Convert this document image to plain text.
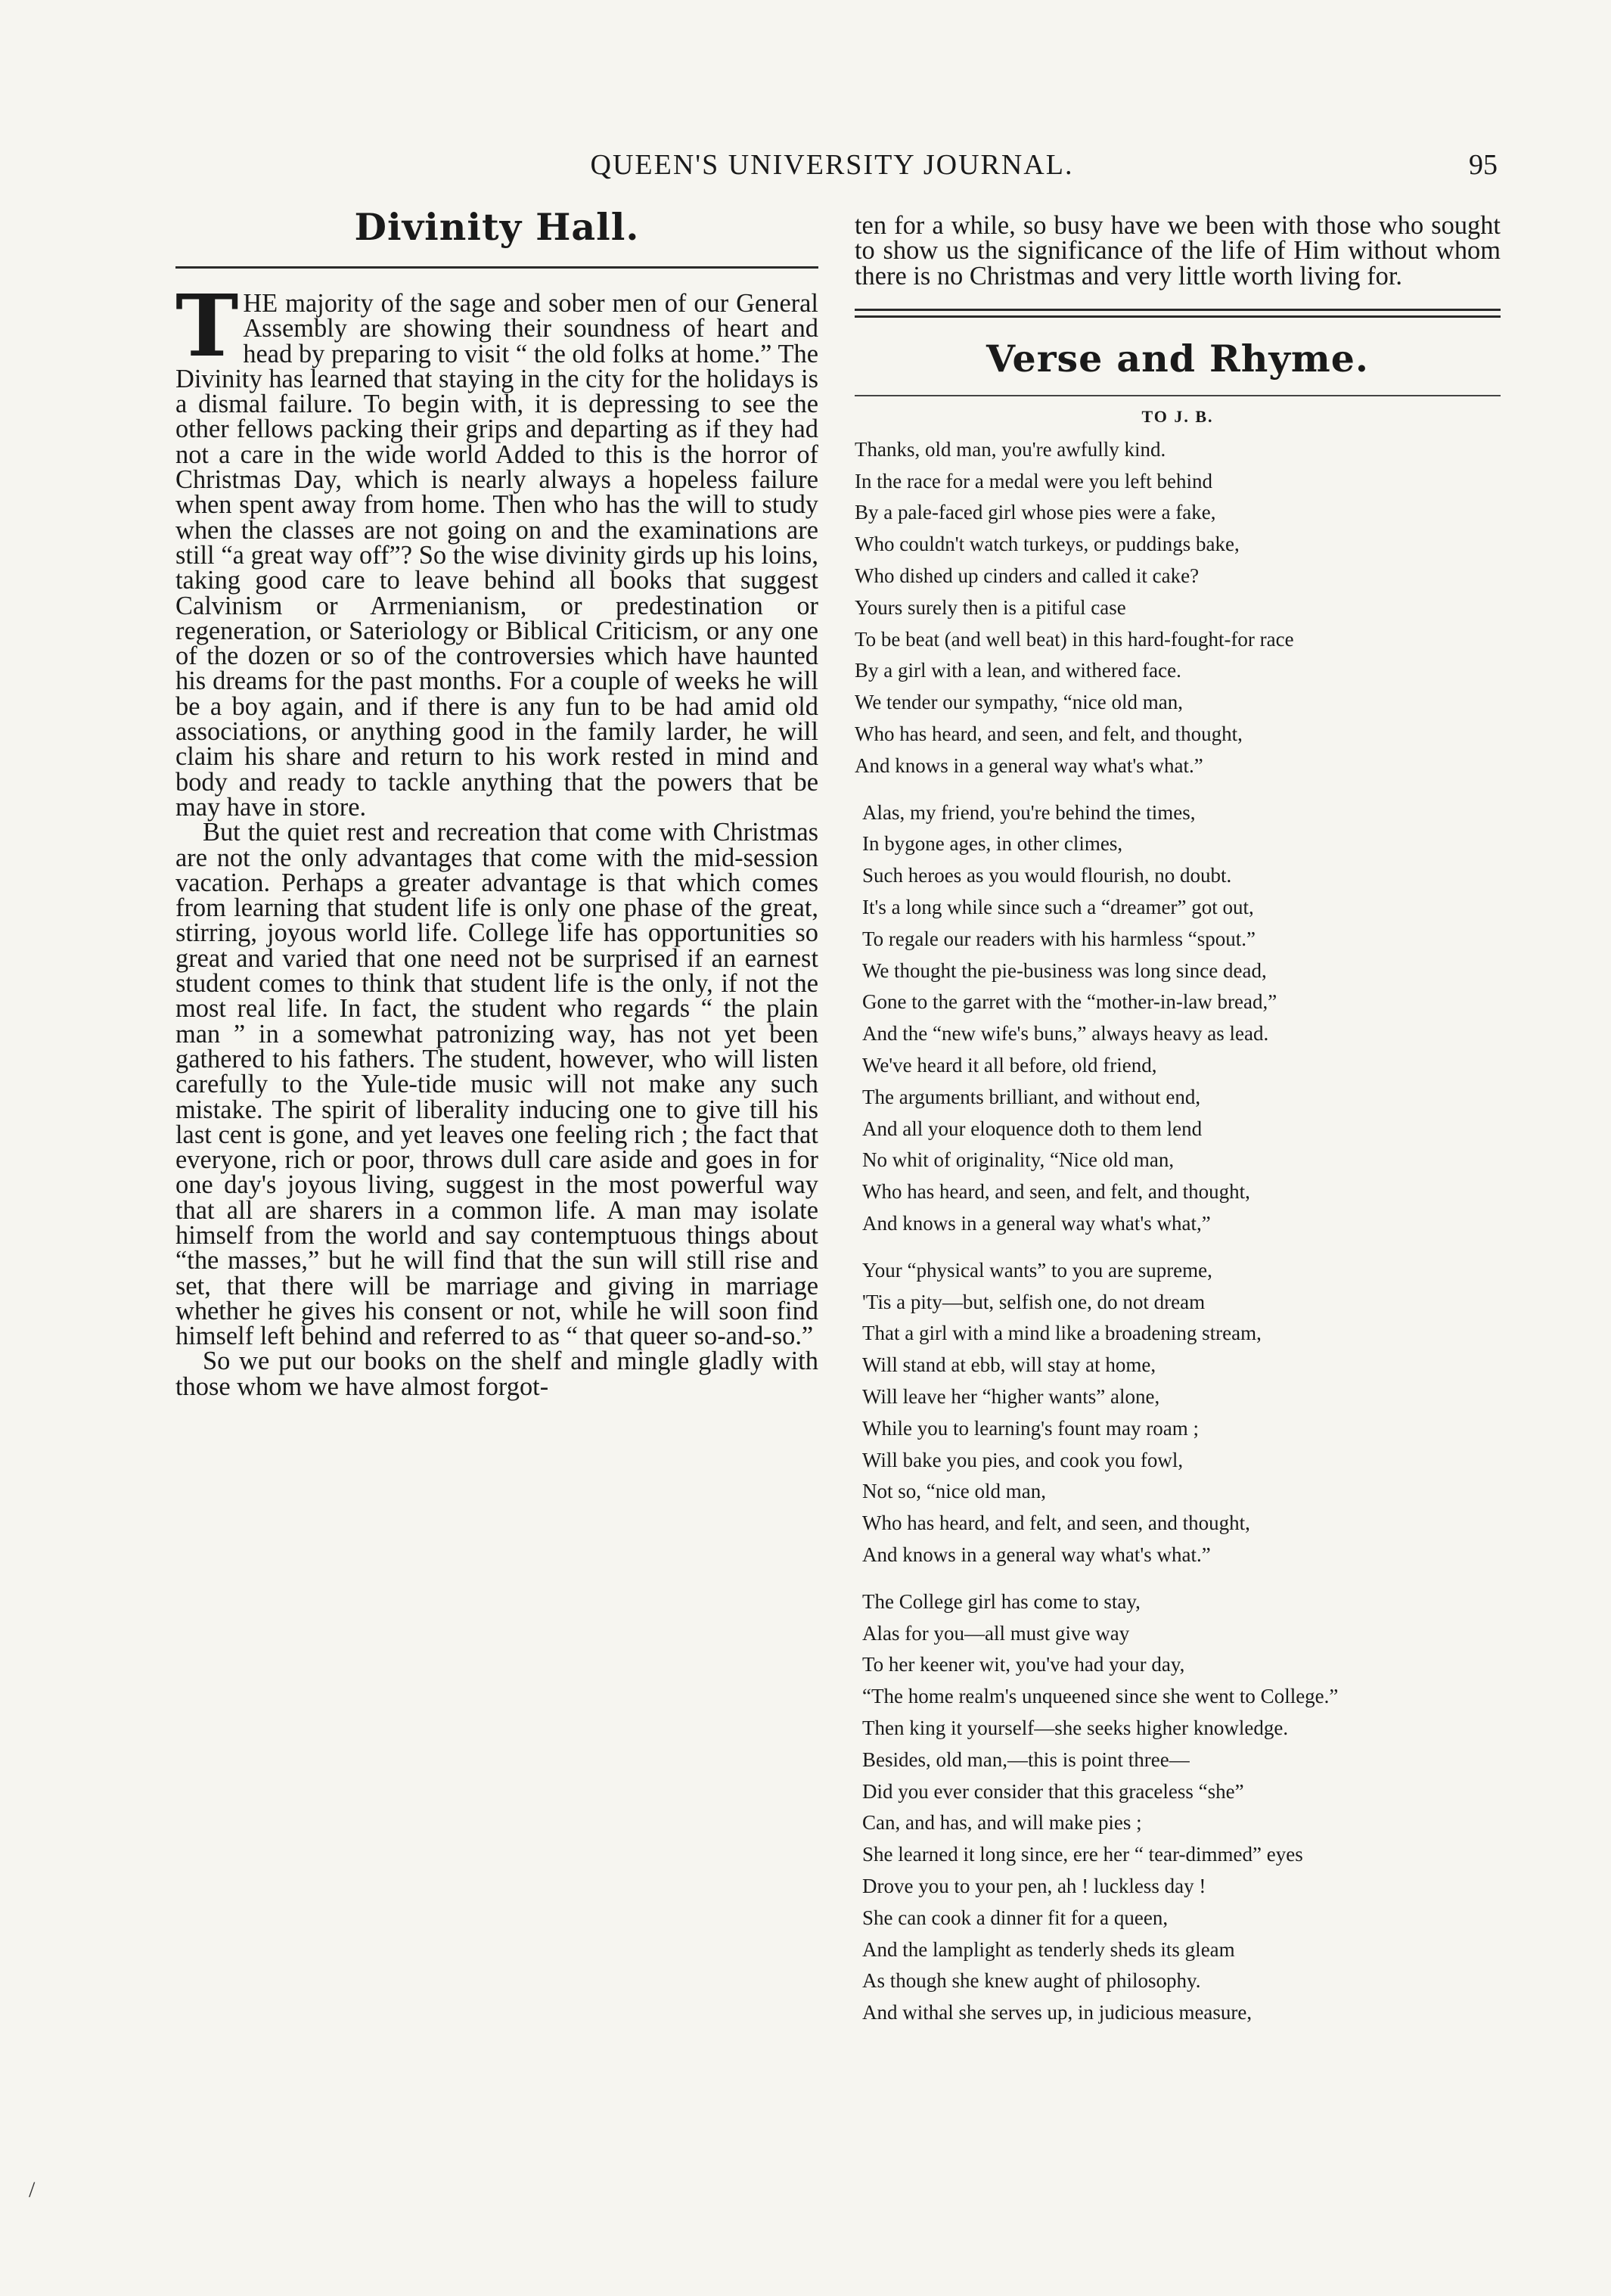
QUEEN'S UNIVERSITY JOURNAL.	95
Divinity Hall.

THE majority of the sage and sober men of our General Assembly are showing their soundness of heart and head by preparing to visit “ the old folks at home.” The Divinity has learned that staying in the city for the holidays is a dismal failure. To begin with, it is depressing to see the other fellows packing their grips and departing as if they had not a care in the wide world Added to this is the horror of Christmas Day, which is nearly always a hopeless failure when spent away from home. Then who has the will to study when the classes are not going on and the examinations are still “a great way off”? So the wise divinity girds up his loins, taking good care to leave behind all books that suggest Calvinism or Arrmenianism, or predestination or regeneration, or Sateriology or Biblical Criticism, or any one of the dozen or so of the controversies which have haunted his dreams for the past months. For a couple of weeks he will be a boy again, and if there is any fun to be had amid old associations, or anything good in the family larder, he will claim his share and return to his work rested in mind and body and ready to tackle anything that the powers that be may have in store.

But the quiet rest and recreation that come with Christmas are not the only advantages that come with the mid-session vacation. Perhaps a greater advantage is that which comes from learning that student life is only one phase of the great, stirring, joyous world life. College life has opportunities so great and varied that one need not be surprised if an earnest student comes to think that student life is the only, if not the most real life. In fact, the student who regards “ the plain man ” in a somewhat patronizing way, has not yet been gathered to his fathers. The student, however, who will listen carefully to the Yule-tide music will not make any such mistake. The spirit of liberality inducing one to give till his last cent is gone, and yet leaves one feeling rich ; the fact that everyone, rich or poor, throws dull care aside and goes in for one day's joyous living, suggest in the most powerful way that all are sharers in a common life. A man may isolate himself from the world and say contemptuous things about “the masses,” but he will find that the sun will still rise and set, that there will be marriage and giving in marriage whether he gives his consent or not, while he will soon find himself left behind and referred to as “ that queer so-and-so.”

So we put our books on the shelf and mingle gladly with those whom we have almost forgot-

ten for a while, so busy have we been with those who sought to show us the significance of the life of Him without whom there is no Christmas and very little worth living for.

Verse and Rhyme.
TO J. B.
Thanks, old man, you're awfully kind.
In the race for a medal were you left behind
By a pale-faced girl whose pies were a fake,
Who couldn't watch turkeys, or puddings bake,
Who dished up cinders and called it cake?
Yours surely then is a pitiful case
To be beat (and well beat) in this hard-fought-for race
By a girl with a lean, and withered face.
We tender our sympathy, “nice old man,
Who has heard, and seen, and felt, and thought,
And knows in a general way what's what.”
Alas, my friend, you're behind the times,
In bygone ages, in other climes,
Such heroes as you would flourish, no doubt.
It's a long while since such a “dreamer” got out,
To regale our readers with his harmless “spout.”
We thought the pie-business was long since dead,
Gone to the garret with the “mother-in-law bread,”
And the “new wife's buns,” always heavy as lead.
We've heard it all before, old friend,
The arguments brilliant, and without end,
And all your eloquence doth to them lend
No whit of originality, “Nice old man,
Who has heard, and seen, and felt, and thought,
And knows in a general way what's what,”
Your “physical wants” to you are supreme,
'Tis a pity—but, selfish one, do not dream
That a girl with a mind like a broadening stream,
Will stand at ebb, will stay at home,
Will leave her “higher wants” alone,
While you to learning's fount may roam ;
Will bake you pies, and cook you fowl,
Not so, “nice old man,
Who has heard, and felt, and seen, and thought,
And knows in a general way what's what.”
The College girl has come to stay,
Alas for you—all must give way
To her keener wit, you've had your day,
“The home realm's unqueened since she went to College.”
Then king it yourself—she seeks higher knowledge.
Besides, old man,—this is point three—
Did you ever consider that this graceless “she”
Can, and has, and will make pies ;
She learned it long since, ere her “ tear-dimmed” eyes
Drove you to your pen, ah ! luckless day !
She can cook a dinner fit for a queen,
And the lamplight as tenderly sheds its gleam
As though she knew aught of philosophy.
And withal she serves up, in judicious measure,
/
